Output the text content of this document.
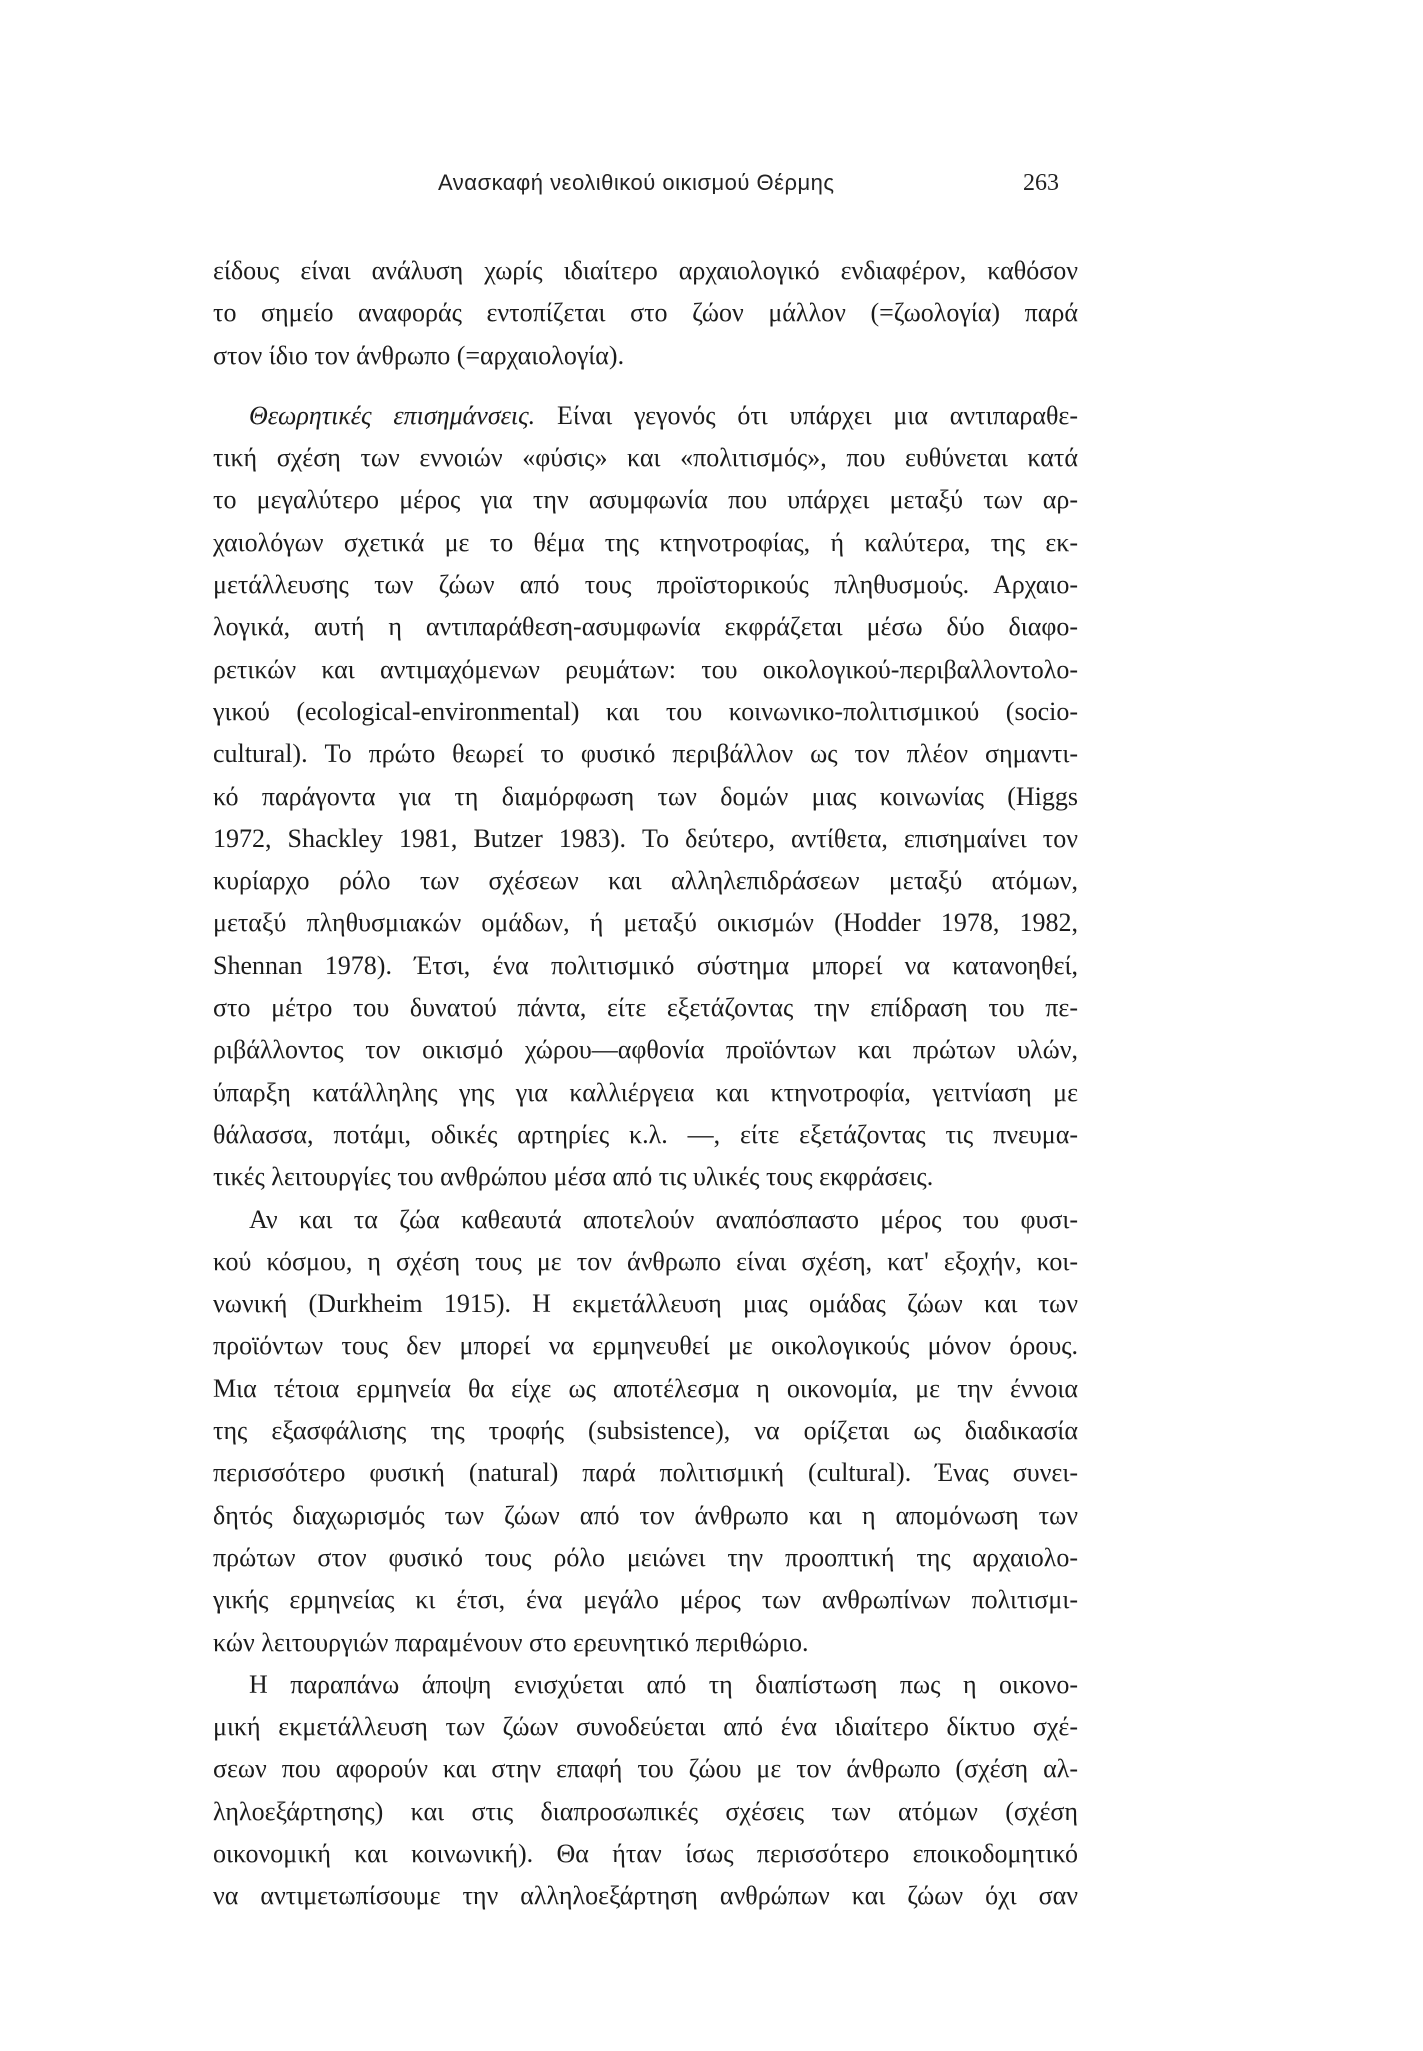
Ανασκαφή νεολιθικού οικισμού Θέρμης	263
είδους είναι ανάλυση χωρίς ιδιαίτερο αρχαιολογικό ενδιαφέρον, καθόσον
το σημείο αναφοράς εντοπίζεται στο ζώον μάλλον (=ζωολογία) παρά
στον ίδιο τον άνθρωπο (=αρχαιολογία).
Θεωρητικές επισημάνσεις. Είναι γεγονός ότι υπάρχει μια αντιπαραθε-
τική σχέση των εννοιών «φύσις» και «πολιτισμός», που ευθύνεται κατά
το μεγαλύτερο μέρος για την ασυμφωνία που υπάρχει μεταξύ των αρ-
χαιολόγων σχετικά με το θέμα της κτηνοτροφίας, ή καλύτερα, της εκ-
μετάλλευσης των ζώων από τους προϊστορικούς πληθυσμούς. Αρχαιο-
λογικά, αυτή η αντιπαράθεση-ασυμφωνία εκφράζεται μέσω δύο διαφο-
ρετικών και αντιμαχόμενων ρευμάτων: του οικολογικού-περιβαλλοντολο-
γικού (ecological-environmental) και του κοινωνικο-πολιτισμικού (socio-
cultural). Το πρώτο θεωρεί το φυσικό περιβάλλον ως τον πλέον σημαντι-
κό παράγοντα για τη διαμόρφωση των δομών μιας κοινωνίας (Higgs
1972, Shackley 1981, Butzer 1983). Το δεύτερο, αντίθετα, επισημαίνει τον
κυρίαρχο ρόλο των σχέσεων και αλληλεπιδράσεων μεταξύ ατόμων,
μεταξύ πληθυσμιακών ομάδων, ή μεταξύ οικισμών (Hodder 1978, 1982,
Shennan 1978). Έτσι, ένα πολιτισμικό σύστημα μπορεί να κατανοηθεί,
στο μέτρο του δυνατού πάντα, είτε εξετάζοντας την επίδραση του πε-
ριβάλλοντος τον οικισμό χώρου—αφθονία προϊόντων και πρώτων υλών,
ύπαρξη κατάλληλης γης για καλλιέργεια και κτηνοτροφία, γειτνίαση με
θάλασσα, ποτάμι, οδικές αρτηρίες κ.λ. —, είτε εξετάζοντας τις πνευμα-
τικές λειτουργίες του ανθρώπου μέσα από τις υλικές τους εκφράσεις.
Αν και τα ζώα καθεαυτά αποτελούν αναπόσπαστο μέρος του φυσι-
κού κόσμου, η σχέση τους με τον άνθρωπο είναι σχέση, κατ' εξοχήν, κοι-
νωνική (Durkheim 1915). Η εκμετάλλευση μιας ομάδας ζώων και των
προϊόντων τους δεν μπορεί να ερμηνευθεί με οικολογικούς μόνον όρους.
Μια τέτοια ερμηνεία θα είχε ως αποτέλεσμα η οικονομία, με την έννοια
της εξασφάλισης της τροφής (subsistence), να ορίζεται ως διαδικασία
περισσότερο φυσική (natural) παρά πολιτισμική (cultural). Ένας συνει-
δητός διαχωρισμός των ζώων από τον άνθρωπο και η απομόνωση των
πρώτων στον φυσικό τους ρόλο μειώνει την προοπτική της αρχαιολο-
γικής ερμηνείας κι έτσι, ένα μεγάλο μέρος των ανθρωπίνων πολιτισμι-
κών λειτουργιών παραμένουν στο ερευνητικό περιθώριο.
Η παραπάνω άποψη ενισχύεται από τη διαπίστωση πως η οικονο-
μική εκμετάλλευση των ζώων συνοδεύεται από ένα ιδιαίτερο δίκτυο σχέ-
σεων που αφορούν και στην επαφή του ζώου με τον άνθρωπο (σχέση αλ-
ληλοεξάρτησης) και στις διαπροσωπικές σχέσεις των ατόμων (σχέση
οικονομική και κοινωνική). Θα ήταν ίσως περισσότερο εποικοδομητικό
να αντιμετωπίσουμε την αλληλοεξάρτηση ανθρώπων και ζώων όχι σαν
